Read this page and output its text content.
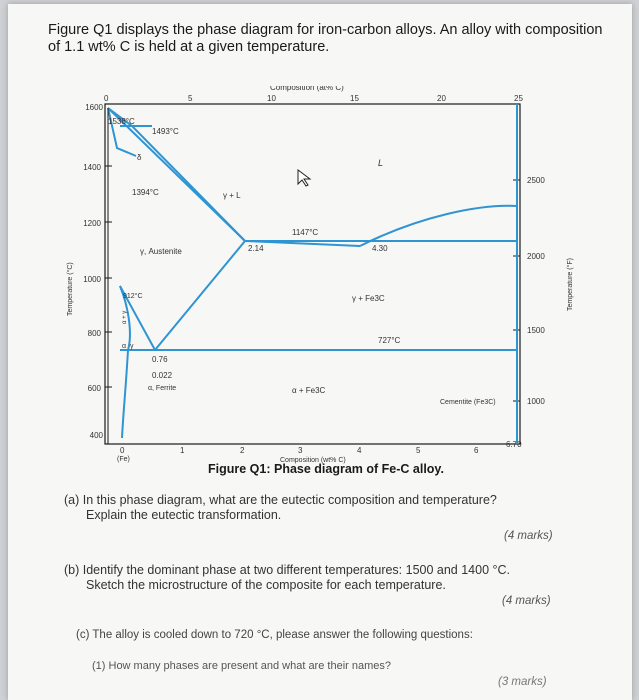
Figure Q1 displays the phase diagram for iron-carbon alloys. An alloy with composition
of 1.1 wt% C is held at a given temperature.
Composition (at% C)
0	5	10	15	20	25
Temperature (°C)
1600
1400
1200
1000
800
600
400
Temperature (°F)
2500
2000
1500
1000
0	1	2	3	4	5	6
6.70
(Fe)	Composition (wt% C)
1538°C
1493°C
1394°C
1147°C
912°C
727°C
δ
γ + L
L
γ, Austenite	2.14	4.30
γ + Fe3C
α + γ
γ
α
0.76
0.022
α, Ferrite	α + Fe3C
Cementite (Fe3C)
Figure Q1: Phase diagram of Fe-C alloy.
(a) In this phase diagram, what are the eutectic composition and temperature?
Explain the eutectic transformation.
(4 marks)
(b) Identify the dominant phase at two different temperatures: 1500 and 1400 °C.
Sketch the microstructure of the composite for each temperature.
(4 marks)
(c) The alloy is cooled down to 720 °C, please answer the following questions:
(1) How many phases are present and what are their names?
(3 marks)
